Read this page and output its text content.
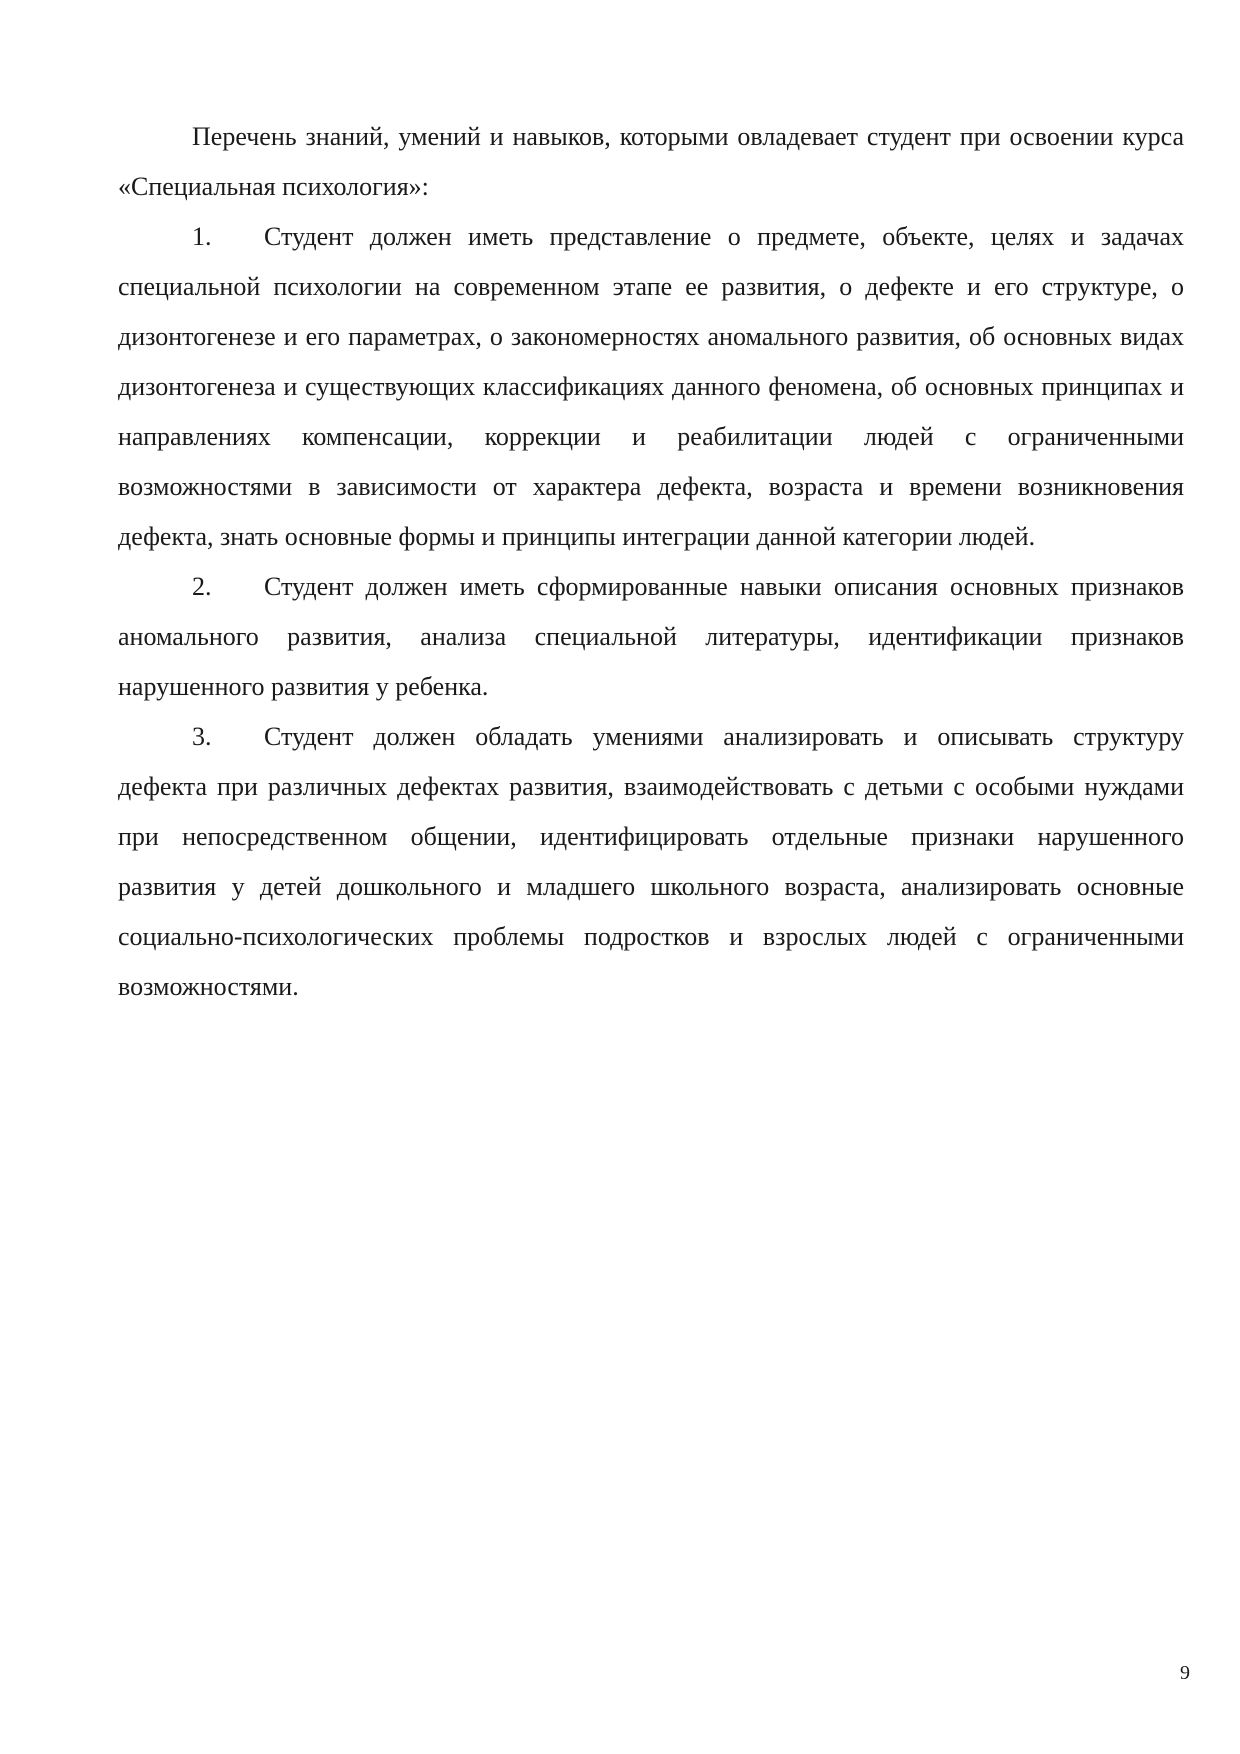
Перечень знаний, умений и навыков, которыми овладевает студент при освоении курса «Специальная психология»:

1. Студент должен иметь представление о предмете, объекте, целях и задачах специальной психологии на современном этапе ее развития, о дефекте и его структуре, о дизонтогенезе и его параметрах, о закономерностях аномального развития, об основных видах дизонтогенеза и существующих классификациях данного феномена, об основных принципах и направлениях компенсации, коррекции и реабилитации людей с ограниченными возможностями в зависимости от характера дефекта, возраста и времени возникновения дефекта, знать основные формы и принципы интеграции данной категории людей.

2. Студент должен иметь сформированные навыки описания основных признаков аномального развития, анализа специальной литературы, идентификации признаков нарушенного развития у ребенка.

3. Студент должен обладать умениями анализировать и описывать структуру дефекта при различных дефектах развития, взаимодействовать с детьми с особыми нуждами при непосредственном общении, идентифицировать отдельные признаки нарушенного развития у детей дошкольного и младшего школьного возраста, анализировать основные социально-психологических проблемы подростков и взрослых людей с ограниченными возможностями.

9
